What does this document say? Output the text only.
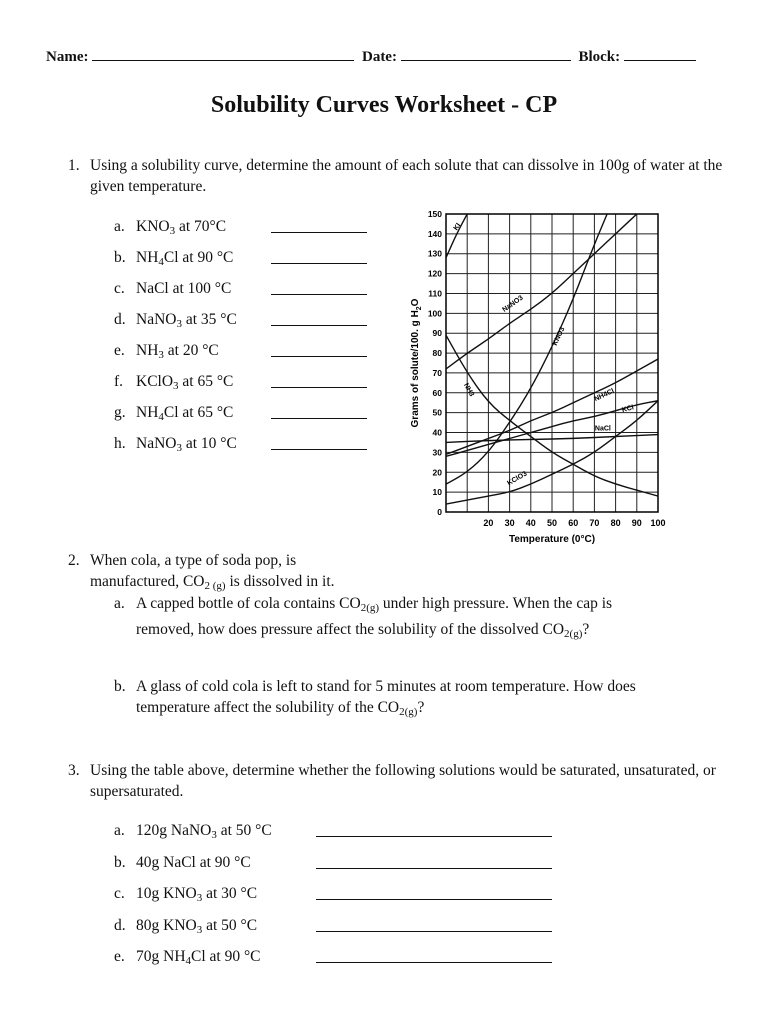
Name:	Date:	Block:
Solubility Curves Worksheet - CP
1. Using a solubility curve, determine the amount of each solute that can dissolve in 100g of water at the given temperature.
a. $KNO_3$ at 70°C
b. $NH_4Cl$ at 90 °C
c. NaCl at 100 °C
d. NaNO$_3$ at 35 °C
e. $NH_3$ at 20 °C
f. KClO$_3$ at 65 °C
g. $NH_4Cl$ at 65 °C
h. NaNO$_3$ at 10 °C
0
10
20
30
40
50
60
70
80
90
100
110
120
130
140
150
20 30 40 50 60 70 80 90 100
Temperature (0°C)
Grams of solute/100. g $H_2O$
KI
NaNO3
KNO3
NH3	NH4Cl
KCl
NaCl
KClO3
2. When cola, a type of soda pop, is
manufactured, $CO_{2 (g)}$ is dissolved in it.
a. A capped bottle of cola contains $CO_{2(g)}$ under high pressure. When the cap is
removed, how does pressure affect the solubility of the dissolved $CO_{2(g)}$?
b. A glass of cold cola is left to stand for 5 minutes at room temperature. How does
temperature affect the solubility of the $CO_{2(g)}$?
3. Using the table above, determine whether the following solutions would be saturated, unsaturated, or supersaturated.
a. 120g NaNO$_3$ at 50 °C
b. 40g NaCl at 90 °C
c. 10g $KNO_3$ at 30 °C
d. 80g $KNO_3$ at 50 °C
e. 70g $NH_4Cl$ at 90 °C
